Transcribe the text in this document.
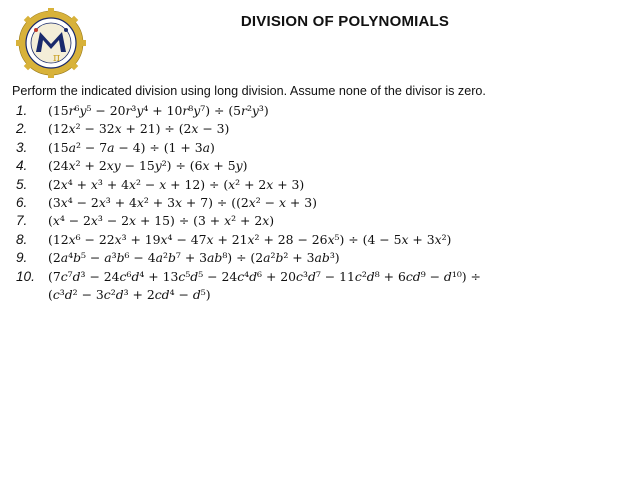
π
DIVISION OF POLYNOMIALS
Perform the indicated division using long division. Assume none of the divisor is zero.
1.	(15𝑟⁶𝑦⁵ − 20𝑟³𝑦⁴ + 10𝑟⁸𝑦⁷) ÷ (5𝑟²𝑦³)
2.	(12𝑥² − 32𝑥 + 21) ÷ (2𝑥 − 3)
3.	(15𝑎² − 7𝑎 − 4) ÷ (1 + 3𝑎)
4.	(24𝑥² + 2𝑥𝑦 − 15𝑦²) ÷ (6𝑥 + 5𝑦)
5.	(2𝑥⁴ + 𝑥³ + 4𝑥² − 𝑥 + 12) ÷ (𝑥² + 2𝑥 + 3)
6.	(3𝑥⁴ − 2𝑥³ + 4𝑥² + 3𝑥 + 7) ÷ ((2𝑥² − 𝑥 + 3)
7.	(𝑥⁴ − 2𝑥³ − 2𝑥 + 15) ÷ (3 + 𝑥² + 2𝑥)
8.	(12𝑥⁶ − 22𝑥³ + 19𝑥⁴ − 47𝑥 + 21𝑥² + 28 − 26𝑥⁵) ÷ (4 − 5𝑥 + 3𝑥²)
9.	(2𝑎⁴𝑏⁵ − 𝑎³𝑏⁶ − 4𝑎²𝑏⁷ + 3𝑎𝑏⁸) ÷ (2𝑎²𝑏² + 3𝑎𝑏³)
10.	(7𝑐⁷𝑑³ − 24𝑐⁶𝑑⁴ + 13𝑐⁵𝑑⁵ − 24𝑐⁴𝑑⁶ + 20𝑐³𝑑⁷ − 11𝑐²𝑑⁸ + 6𝑐𝑑⁹ − 𝑑¹⁰) ÷
(𝑐³𝑑² − 3𝑐²𝑑³ + 2𝑐𝑑⁴ − 𝑑⁵)
